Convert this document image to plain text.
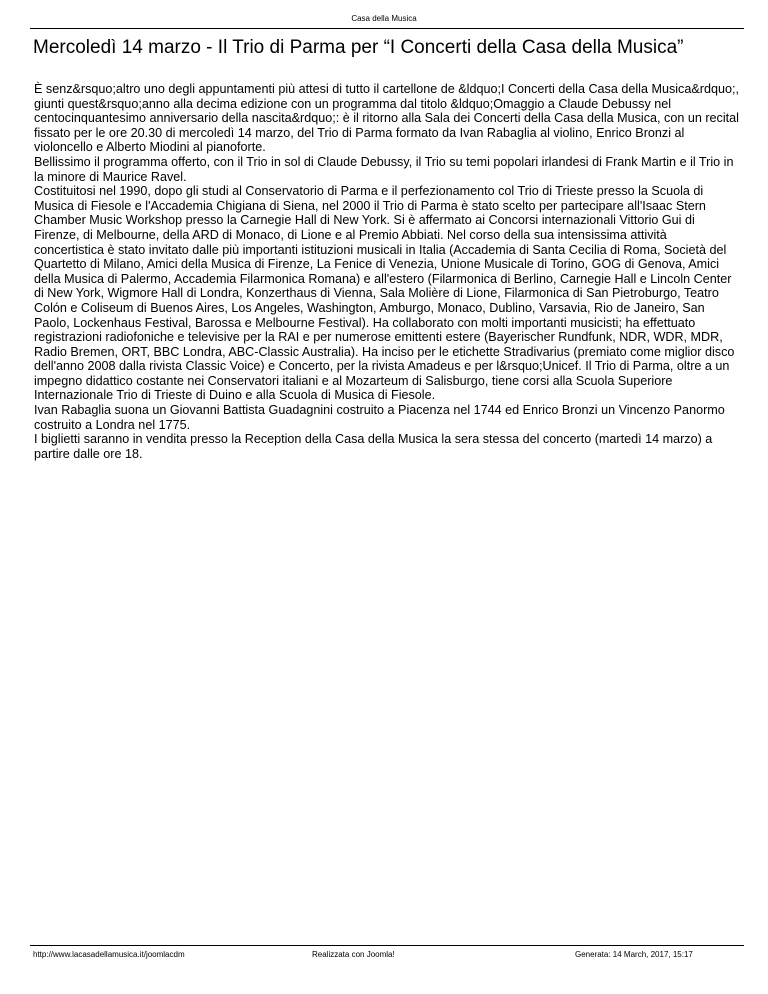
Casa della Musica
Mercoledì 14 marzo - Il Trio di Parma per “I Concerti della Casa della Musica”

È senz&rsquo;altro uno degli appuntamenti più attesi di tutto il cartellone de &ldquo;I Concerti della Casa della Musica&rdquo;, giunti quest&rsquo;anno alla decima edizione con un programma dal titolo &ldquo;Omaggio a Claude Debussy nel centocinquantesimo anniversario della nascita&rdquo;: è il ritorno alla Sala dei Concerti della Casa della Musica, con un recital fissato per le ore 20.30 di mercoledì 14 marzo, del Trio di Parma formato da Ivan Rabaglia al violino, Enrico Bronzi al violoncello e Alberto Miodini al pianoforte.

Bellissimo il programma offerto, con il Trio in sol di Claude Debussy, il Trio su temi popolari irlandesi di Frank Martin e il Trio in la minore di Maurice Ravel.

Costituitosi nel 1990, dopo gli studi al Conservatorio di Parma e il perfezionamento col Trio di Trieste presso la Scuola di Musica di Fiesole e l'Accademia Chigiana di Siena, nel 2000 il Trio di Parma è stato scelto per partecipare all'Isaac Stern Chamber Music Workshop presso la Carnegie Hall di New York. Si è affermato ai Concorsi internazionali Vittorio Gui di Firenze, di Melbourne, della ARD di Monaco, di Lione e al Premio Abbiati. Nel corso della sua intensissima attività concertistica è stato invitato dalle più importanti istituzioni musicali in Italia (Accademia di Santa Cecilia di Roma, Società del Quartetto di Milano, Amici della Musica di Firenze, La Fenice di Venezia, Unione Musicale di Torino, GOG di Genova, Amici della Musica di Palermo, Accademia Filarmonica Romana) e all'estero (Filarmonica di Berlino, Carnegie Hall e Lincoln Center di New York, Wigmore Hall di Londra, Konzerthaus di Vienna, Sala Molière di Lione, Filarmonica di San Pietroburgo, Teatro Colón e Coliseum di Buenos Aires, Los Angeles, Washington, Amburgo, Monaco, Dublino, Varsavia, Rio de Janeiro, San Paolo, Lockenhaus Festival, Barossa e Melbourne Festival). Ha collaborato con molti importanti musicisti; ha effettuato registrazioni radiofoniche e televisive per la RAI e per numerose emittenti estere (Bayerischer Rundfunk, NDR, WDR, MDR, Radio Bremen, ORT, BBC Londra, ABC-Classic Australia). Ha inciso per le etichette Stradivarius (premiato come miglior disco dell'anno 2008 dalla rivista Classic Voice) e Concerto, per la rivista Amadeus e per l&rsquo;Unicef. Il Trio di Parma, oltre a un impegno didattico costante nei Conservatori italiani e al Mozarteum di Salisburgo, tiene corsi alla Scuola Superiore Internazionale Trio di Trieste di Duino e alla Scuola di Musica di Fiesole.

Ivan Rabaglia suona un Giovanni Battista Guadagnini costruito a Piacenza nel 1744 ed Enrico Bronzi un Vincenzo Panormo costruito a Londra nel 1775.

I biglietti saranno in vendita presso la Reception della Casa della Musica la sera stessa del concerto (martedì 14 marzo) a partire dalle ore 18.

http://www.lacasadellamusica.it/joomlacdm	Realizzata con Joomla!	Generata: 14 March, 2017, 15:17
